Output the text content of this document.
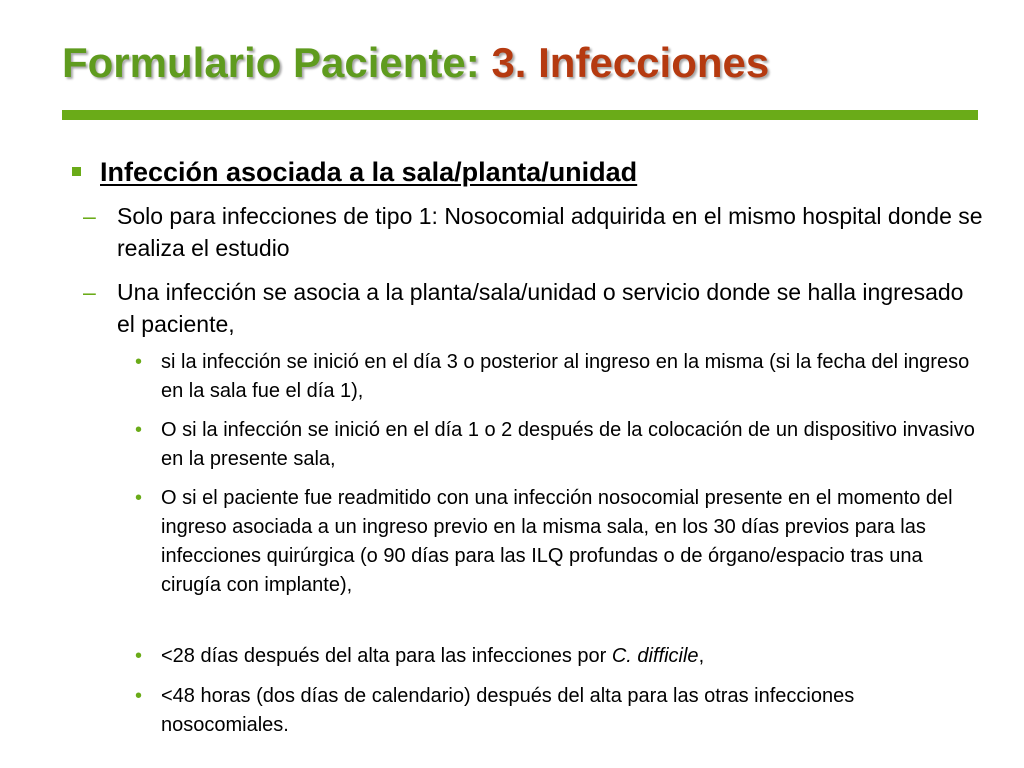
Formulario Paciente: 3. Infecciones
Infección asociada a la sala/planta/unidad
– Solo para infecciones de tipo 1: Nosocomial adquirida en el mismo hospital donde se realiza el estudio
– Una infección se asocia a la planta/sala/unidad o servicio donde se halla ingresado el paciente,
• si la infección se inició en el día 3 o posterior al ingreso en la misma (si la fecha del ingreso en la sala fue el día 1),
• O si la infección se inició en el día 1 o 2 después de la colocación de un dispositivo invasivo en la presente sala,
• O si el paciente fue readmitido con una infección nosocomial presente en el momento del ingreso asociada a un ingreso previo en la misma sala, en los 30 días previos para las infecciones quirúrgica (o 90 días para las ILQ profundas o de órgano/espacio tras una cirugía con implante),
• <28 días después del alta para las infecciones por C. difficile,
• <48 horas (dos días de calendario) después del alta para las otras infecciones nosocomiales.
